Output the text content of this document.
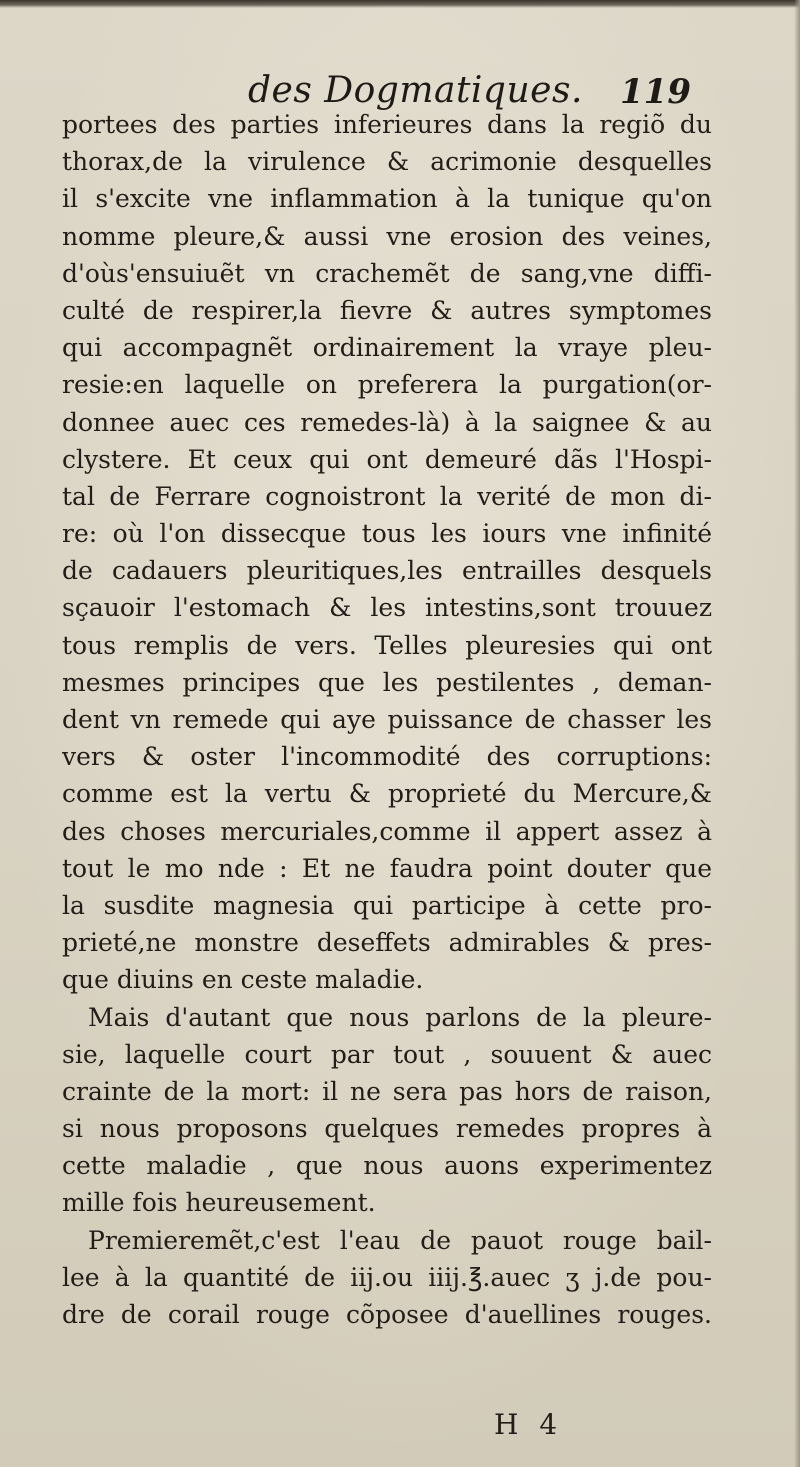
des Dogmatiques. 119
portees des parties inferieures dans la regiõ du
thorax,de la virulence & acrimonie desquelles
il s'excite vne inflammation à la tunique qu'on
nomme pleure,& aussi vne erosion des veines,
d'oùs'ensuiuẽt vn crachemẽt de sang,vne diffi-
culté de respirer,la fievre & autres symptomes
qui accompagnẽt ordinairement la vraye pleu-
resie:en laquelle on preferera la purgation(or-
donnee auec ces remedes-là) à la saignee & au
clystere. Et ceux qui ont demeuré dãs l'Hospi-
tal de Ferrare cognoistront la verité de mon di-
re: où l'on dissecque tous les iours vne infinité
de cadauers pleuritiques,les entrailles desquels
sçauoir l'estomach & les intestins,sont trouuez
tous remplis de vers. Telles pleuresies qui ont
mesmes principes que les pestilentes , deman-
dent vn remede qui aye puissance de chasser les
vers & oster l'incommodité des corruptions:
comme est la vertu & proprieté du Mercure,&
des choses mercuriales,comme il appert assez à
tout le mo nde : Et ne faudra point douter que
la susdite magnesia qui participe à cette pro-
prieté,ne monstre deseffets admirables & pres-
que diuins en ceste maladie.
Mais d'autant que nous parlons de la pleure-
sie, laquelle court par tout , souuent & auec
crainte de la mort: il ne sera pas hors de raison,
si nous proposons quelques remedes propres à
cette maladie , que nous auons experimentez
mille fois heureusement.
Premieremẽt,c'est l'eau de pauot rouge bail-
lee à la quantité de iij.ou iiij.℥.auec ʒ j.de pou-
dre de corail rouge cõposee d'auellines rouges.
H 4
